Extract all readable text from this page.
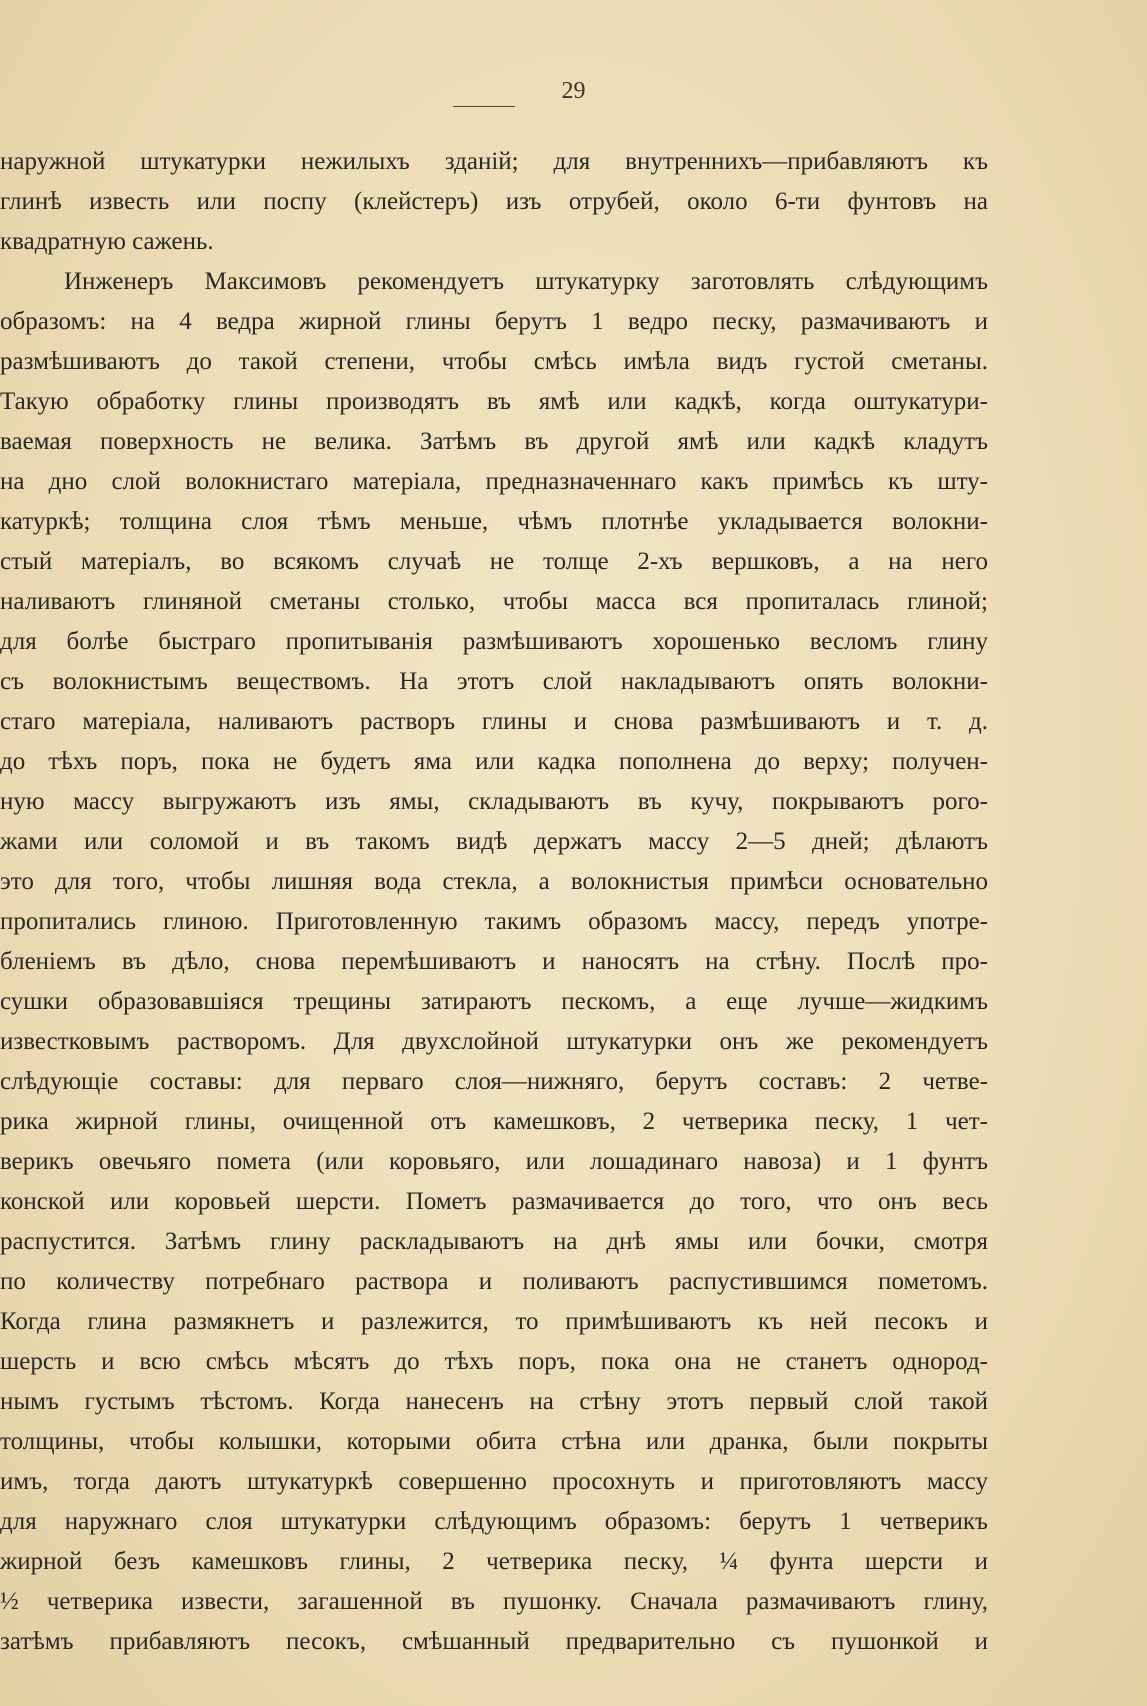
29
наружной штукатурки нежилыхъ зданій; для внутреннихъ—прибавляютъ къ
глинѣ известь или поспу (клейстеръ) изъ отрубей, около 6-ти фунтовъ на
квадратную сажень.
Инженеръ Максимовъ рекомендуетъ штукатурку заготовлять слѣдующимъ
образомъ: на 4 ведра жирной глины берутъ 1 ведро песку, размачиваютъ и
размѣшиваютъ до такой степени, чтобы смѣсь имѣла видъ густой сметаны.
Такую обработку глины производятъ въ ямѣ или кадкѣ, когда оштукатури-
ваемая поверхность не велика. Затѣмъ въ другой ямѣ или кадкѣ кладутъ
на дно слой волокнистаго матеріала, предназначеннаго какъ примѣсь къ шту-
катуркѣ; толщина слоя тѣмъ меньше, чѣмъ плотнѣе укладывается волокни-
стый матеріалъ, во всякомъ случаѣ не толще 2-хъ вершковъ, а на него
наливаютъ глиняной сметаны столько, чтобы масса вся пропиталась глиной;
для болѣе быстраго пропитыванія размѣшиваютъ хорошенько весломъ глину
съ волокнистымъ веществомъ. На этотъ слой накладываютъ опять волокни-
стаго матеріала, наливаютъ растворъ глины и снова размѣшиваютъ и т. д.
до тѣхъ поръ, пока не будетъ яма или кадка пополнена до верху; получен-
ную массу выгружаютъ изъ ямы, складываютъ въ кучу, покрываютъ рого-
жами или соломой и въ такомъ видѣ держатъ массу 2—5 дней; дѣлаютъ
это для того, чтобы лишняя вода стекла, а волокнистыя примѣси основательно
пропитались глиною. Приготовленную такимъ образомъ массу, передъ употре-
бленіемъ въ дѣло, снова перемѣшиваютъ и наносятъ на стѣну. Послѣ про-
сушки образовавшіяся трещины затираютъ пескомъ, а еще лучше—жидкимъ
известковымъ растворомъ. Для двухслойной штукатурки онъ же рекомендуетъ
слѣдующіе составы: для перваго слоя—нижняго, берутъ составъ: 2 четве-
рика жирной глины, очищенной отъ камешковъ, 2 четверика песку, 1 чет-
верикъ овечьяго помета (или коровьяго, или лошадинаго навоза) и 1 фунтъ
конской или коровьей шерсти. Пометъ размачивается до того, что онъ весь
распустится. Затѣмъ глину раскладываютъ на днѣ ямы или бочки, смотря
по количеству потребнаго раствора и поливаютъ распустившимся пометомъ.
Когда глина размякнетъ и разлежится, то примѣшиваютъ къ ней песокъ и
шерсть и всю смѣсь мѣсятъ до тѣхъ поръ, пока она не станетъ однород-
нымъ густымъ тѣстомъ. Когда нанесенъ на стѣну этотъ первый слой такой
толщины, чтобы колышки, которыми обита стѣна или дранка, были покрыты
имъ, тогда даютъ штукатуркѣ совершенно просохнуть и приготовляютъ массу
для наружнаго слоя штукатурки слѣдующимъ образомъ: берутъ 1 четверикъ
жирной безъ камешковъ глины, 2 четверика песку, ¼ фунта шерсти и
½ четверика извести, загашенной въ пушонку. Сначала размачиваютъ глину,
затѣмъ прибавляютъ песокъ, смѣшанный предварительно съ пушонкой и
